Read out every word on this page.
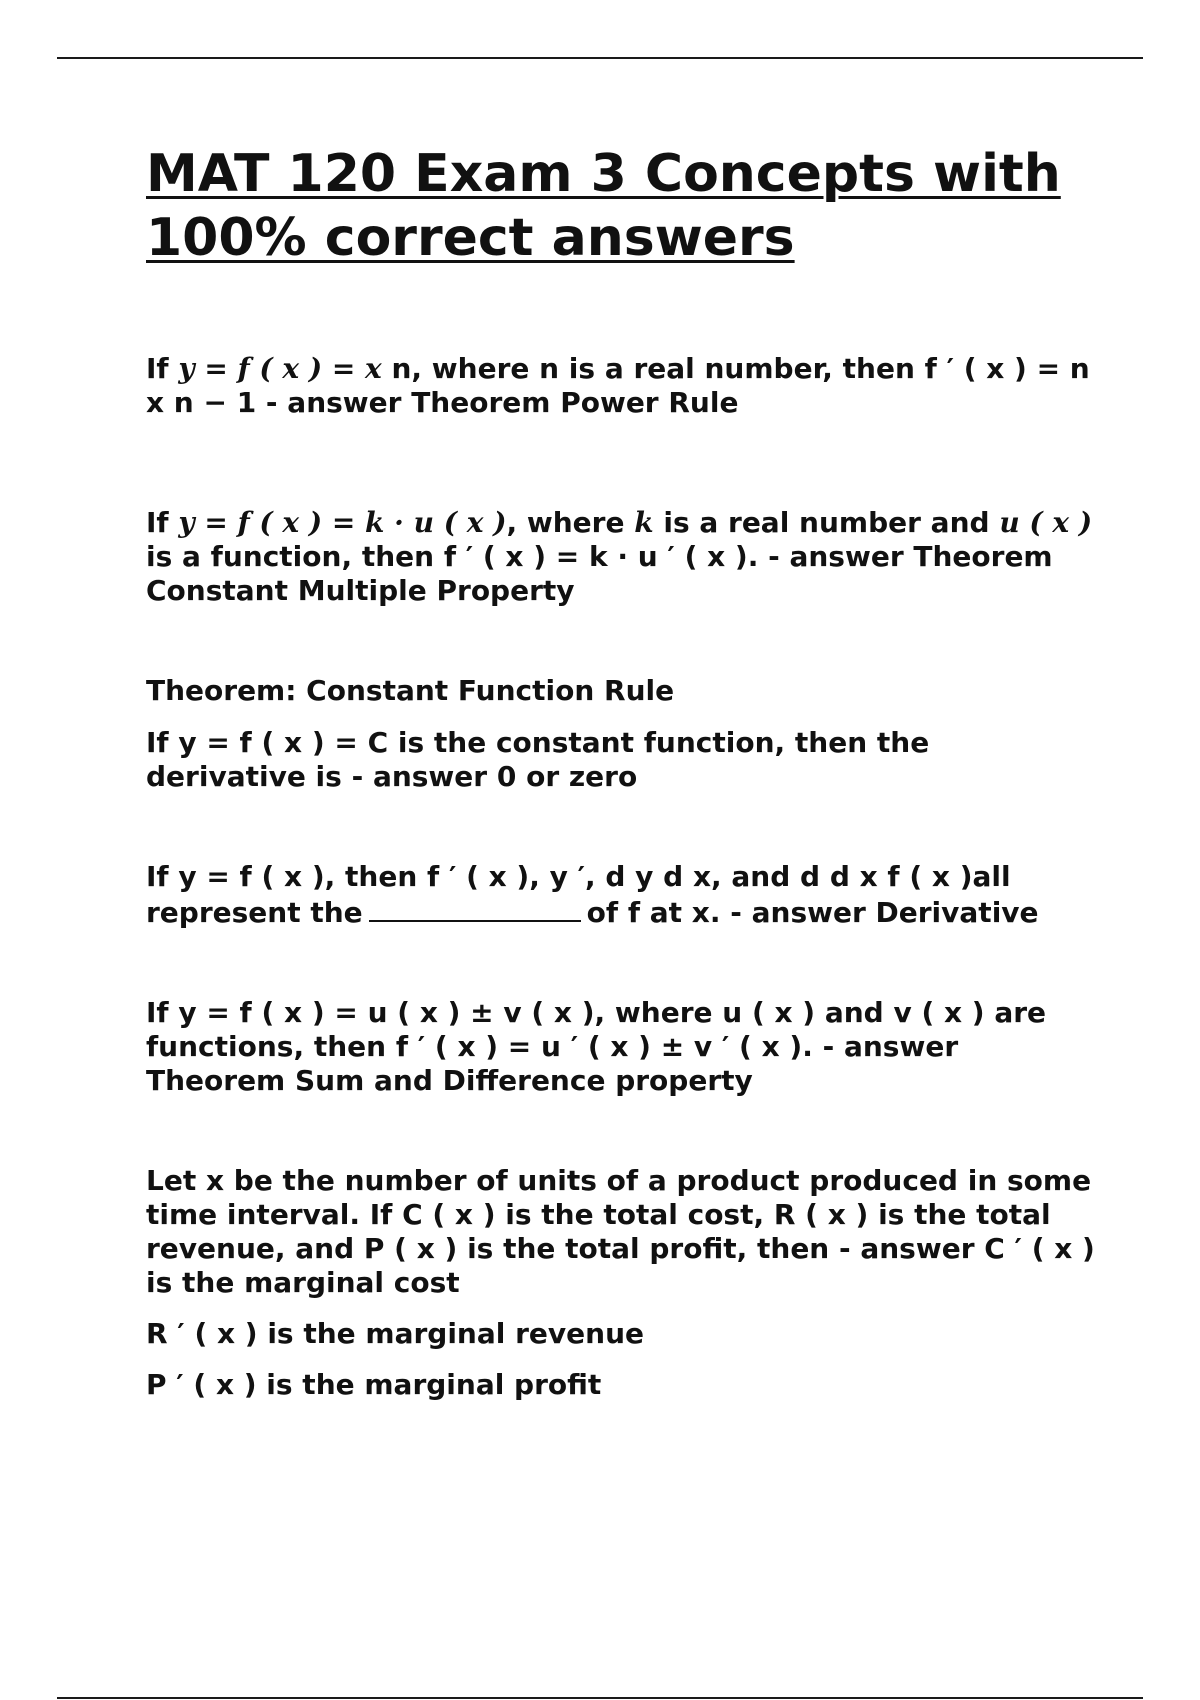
MAT 120 Exam 3 Concepts with 100% correct answers

If y = f ( x ) = x n, where n is a real number, then f ′ ( x ) = n x n − 1 - answer Theorem Power Rule

If y = f ( x ) = k · u ( x ), where k is a real number and u ( x ) is a function, then f ′ ( x ) = k · u ′ ( x ). - answer Theorem Constant Multiple Property

Theorem: Constant Function Rule

If y = f ( x ) = C is the constant function, then the derivative is - answer 0 or zero

If y = f ( x ), then f ′ ( x ), y ′, d y d x, and d d x f ( x )all represent the	of f at x. - answer Derivative

If y = f ( x ) = u ( x ) ± v ( x ), where u ( x ) and v ( x ) are functions, then f ′ ( x ) = u ′ ( x ) ± v ′ ( x ). - answer Theorem Sum and Difference property

Let x be the number of units of a product produced in some time interval. If C ( x ) is the total cost, R ( x ) is the total revenue, and P ( x ) is the total profit, then - answer C ′ ( x ) is the marginal cost

R ′ ( x ) is the marginal revenue

P ′ ( x ) is the marginal profit
